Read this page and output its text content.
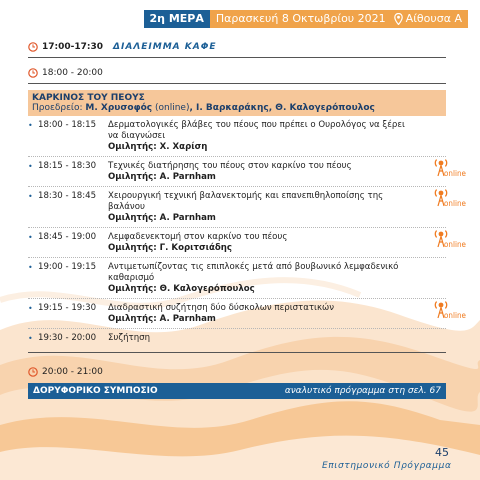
2η ΜΕΡΑ	Παρασκευή 8 Οκτωβρίου 2021	Αίθουσα Α
17:00-17:30 ΔΙΑΛΕΙΜΜΑ ΚΑΦΕ
18:00 - 20:00
ΚΑΡΚΙΝΟΣ ΤΟΥ ΠΕΟΥΣ
Προεδρείο: Μ. Χρυσοφός (online), Ι. Βαρκαράκης, Θ. Καλογερόπουλος
• 18:00 - 18:15	Δερματολογικές βλάβες του πέους που πρέπει ο Ουρολόγος να ξέρει να διαγνώσει
Ομιλητής: Χ. Χαρίση
• 18:15 - 18:30	Τεχνικές διατήρησης του πέους στον καρκίνο του πέους
Ομιλητής: A. Parnham	online
• 18:30 - 18:45	Χειρουργική τεχνική βαλανεκτομής και επανεπιθηλοποίσης της βαλάνου
Ομιλητής: A. Parnham
online
• 18:45 - 19:00	Λεμφαδενεκτομή στον καρκίνο του πέους
Ομιλητής: Γ. Κοριτσιάδης	online
• 19:00 - 19:15	Αντιμετωπίζοντας τις επιπλοκές μετά από βουβωνικό λεμφαδενικό καθαρισμό
Ομιλητής: Θ. Καλογερόπουλος
• 19:15 - 19:30	Διαδραστική συζήτηση δύο δύσκολων περιστατικών
Ομιλητής: A. Parnham	online
• 19:30 - 20:00	Συζήτηση
20:00 - 21:00
ΔΟΡΥΦΟΡΙΚΟ ΣΥΜΠΟΣΙΟ	αναλυτικό πρόγραμμα στη σελ. 67
45
Επιστημονικό Πρόγραμμα
